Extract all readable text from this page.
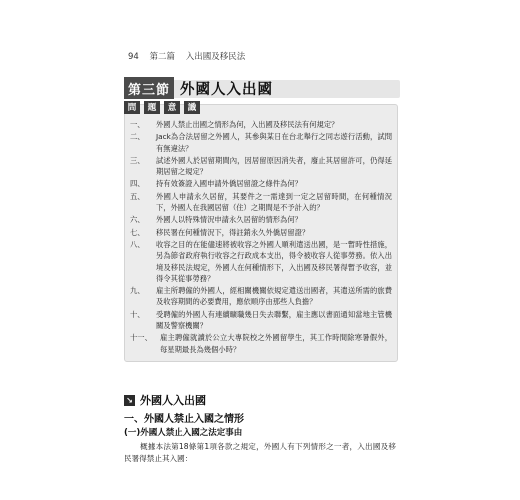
94 第二篇 入出國及移民法
第三節 外國人入出國
問	題	意	識
一、	外國人禁止出國之情形為何，入出國及移民法有何規定？
二、	Jack為合法居留之外國人，其參與某日在台北舉行之同志遊行活動，試問有無違法？
三、	試述外國人於居留期間內，因居留原因消失者，廢止其居留許可，仍得延期居留之規定？
四、	持有效簽證入國申請外僑居留證之條件為何？
五、	外國人申請永久居留，其要件之一需達到一定之居留時間，在何種情況下，外國人在我國居留（住）之期間是不予計入的？
六、	外國人以特殊情況申請永久居留的情形為何？
七、	移民署在何種情況下，得註銷永久外僑居留證？
八、	收容之目的在能儘速將被收容之外國人順利遣送出國，是一暫時性措施，另為節省政府執行收容之行政成本支出，得令被收容人從事勞務。依入出境及移民法規定，外國人在何種情形下，入出國及移民署得暫予收容，並得令其從事勞務？
九、	雇主所聘僱的外國人，經相關機關依規定遣送出國者，其遣送所需的旅費及收容期間的必要費用，應依順序由那些人負擔？
十、	受聘僱的外國人有連續曠職幾日失去聯繫，雇主應以書面通知當地主管機關及警察機關？
十一、	雇主聘僱就讀於公立大專院校之外國留學生，其工作時間除寒暑假外，每星期最長為幾個小時？
↘ 外國人入出國
一、外國人禁止入國之情形
(一)外國人禁止入國之法定事由

概據本法第18條第1項各款之規定，外國人有下列情形之一者，入出國及移民署得禁止其入國：
